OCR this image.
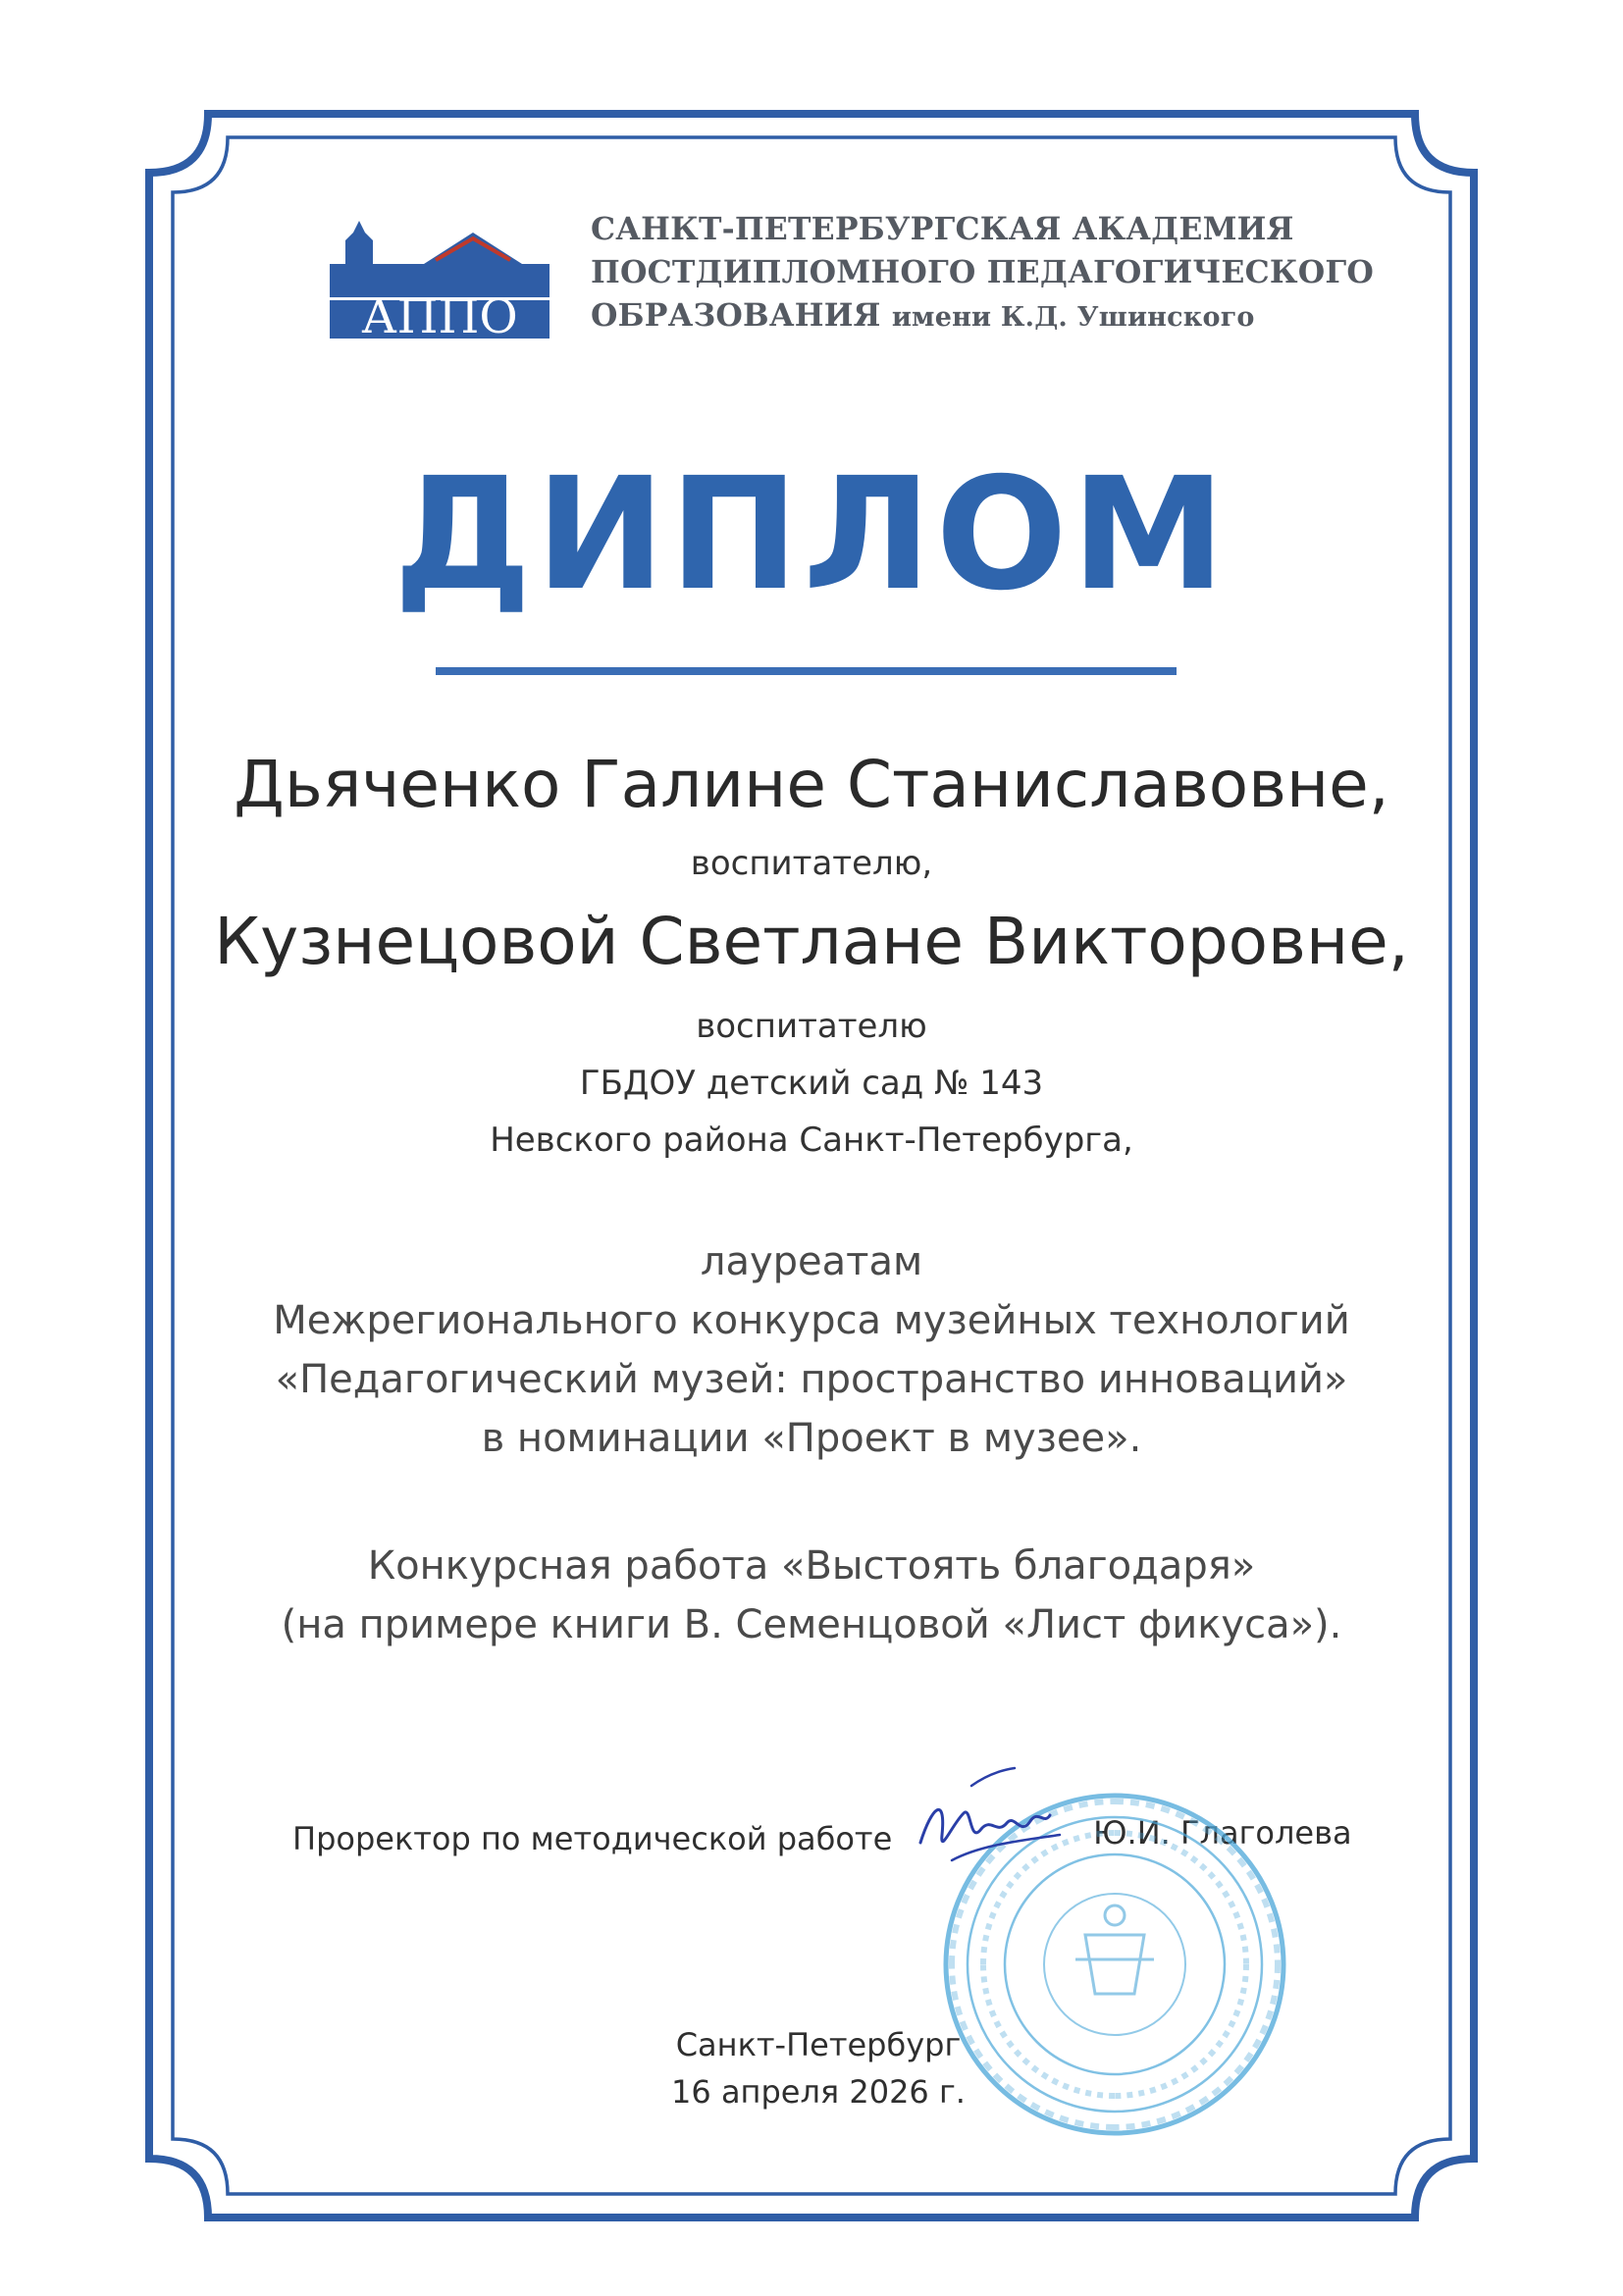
АППО
САНКТ-ПЕТЕРБУРГСКАЯ АКАДЕМИЯ
ПОСТДИПЛОМНОГО ПЕДАГОГИЧЕСКОГО
ОБРАЗОВАНИЯ имени К.Д. Ушинского
ДИПЛОМ
Дьяченко Галине Станиславовне,
воспитателю,
Кузнецовой Светлане Викторовне,
воспитателю
ГБДОУ детский сад № 143
Невского района Санкт-Петербурга,
лауреатам
Межрегионального конкурса музейных технологий
«Педагогический музей: пространство инноваций»
в номинации «Проект в музее».
Конкурсная работа «Выстоять благодаря»
(на примере книги В. Семенцовой «Лист фикуса»).
Проректор по методической работе	Ю.И. Глаголева
Санкт-Петербург
16 апреля 2026 г.
